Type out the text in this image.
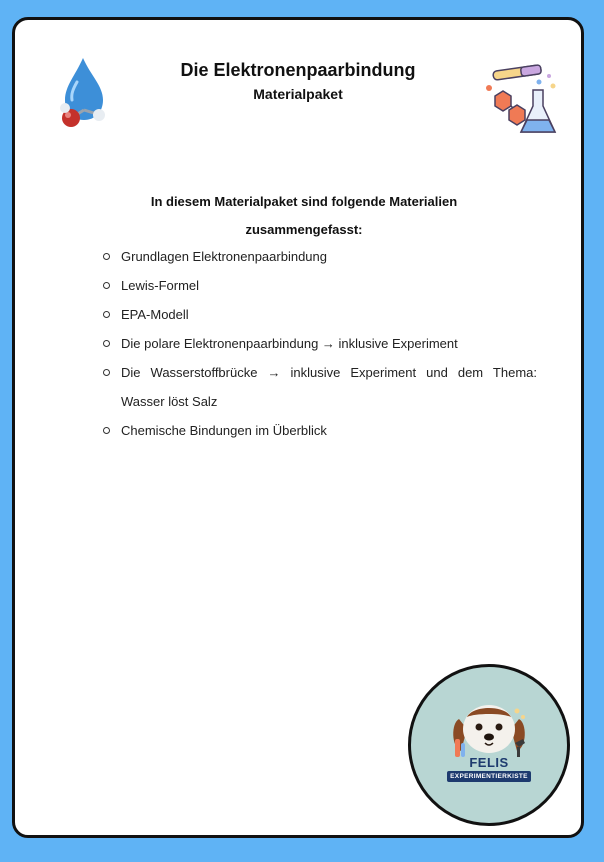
Die Elektronenpaarbindung
Materialpaket
In diesem Materialpaket sind folgende Materialien zusammengefasst:
Grundlagen Elektronenpaarbindung
Lewis-Formel
EPA-Modell
Die polare Elektronenpaarbindung → inklusive Experiment
Die Wasserstoffbrücke → inklusive Experiment und dem Thema: Wasser löst Salz
Chemische Bindungen im Überblick
FELIS
EXPERIMENTIERKISTE
